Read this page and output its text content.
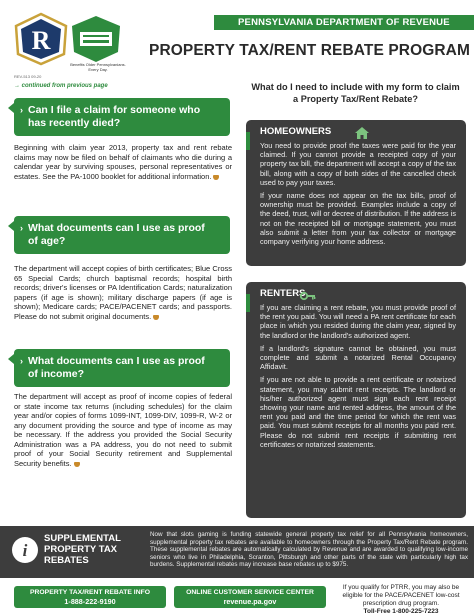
R
Benefits Older Pennsylvanians. Every Day.
PENNSYLVANIA DEPARTMENT OF REVENUE
PROPERTY TAX/RENT REBATE PROGRAM
REV-513 09-20
→ continued from previous page	What do I need to include with my form to claim a Property Tax/Rent Rebate?
› Can I file a claim for someone who has recently died?
Beginning with claim year 2013, property tax and rent rebate claims may now be filed on behalf of claimants who die during a calendar year by surviving spouses, personal representatives or estates. See the PA-1000 booklet for additional information.
› What documents can I use as proof of age?
The department will accept copies of birth certificates; Blue Cross 65 Special Cards; church baptismal records; hospital birth records; driver's licenses or PA Identification Cards; naturalization papers (if age is shown); military discharge papers (if age is shown); Medicare cards; PACE/PACENET cards; and passports. Please do not submit original documents.
› What documents can I use as proof of income?
The department will accept as proof of income copies of federal or state income tax returns (including schedules) for the claim year and/or copies of forms 1099-INT, 1099-DIV, 1099-R, W-2 or any document providing the source and type of income as may be necessary. If the address you provided the Social Security Administration was a PA address, you do not need to submit proof of your Social Security retirement and Supplemental Security benefits.
HOMEOWNERS

You need to provide proof the taxes were paid for the year claimed. If you cannot provide a receipted copy of your property tax bill, the department will accept a copy of the tax bill, along with a copy of both sides of the cancelled check used to pay your taxes.

If your name does not appear on the tax bills, proof of ownership must be provided. Examples include a copy of the deed, trust, will or decree of distribution. If the address is not on the receipted bill or mortgage statement, you must also submit a letter from your tax collector or mortgage company verifying your home address.

RENTERS

If you are claiming a rent rebate, you must provide proof of the rent you paid. You will need a PA rent certificate for each place in which you resided during the claim year, signed by the landlord or the landlord's authorized agent.

If a landlord's signature cannot be obtained, you must complete and submit a notarized Rental Occupancy Affidavit.

If you are not able to provide a rent certificate or notarized statement, you may submit rent receipts. The landlord or his/her authorized agent must sign each rent receipt showing your name and rented address, the amount of the rent you paid and the time period for which the rent was paid. You must submit receipts for all months you paid rent. Please do not submit rent receipts if submitting rent certificates or notarized statements.

i
SUPPLEMENTAL PROPERTY TAX REBATES
Now that slots gaming is funding statewide general property tax relief for all Pennsylvania homeowners, supplemental property tax rebates are available to homeowners through the Property Tax/Rent Rebate program. These supplemental rebates are automatically calculated by Revenue and are awarded to qualifying low-income seniors who live in Philadelphia, Scranton, Pittsburgh and other parts of the state with particularly high tax burdens. Supplemental rebates may increase base rebates up to $975.
PROPERTY TAX/RENT REBATE INFO
1-888-222-9190
ONLINE CUSTOMER SERVICE CENTER
revenue.pa.gov
If you qualify for PTRR, you may also be eligible for the PACE/PACENET low-cost prescription drug program.
Toll-Free 1-800-225-7223
